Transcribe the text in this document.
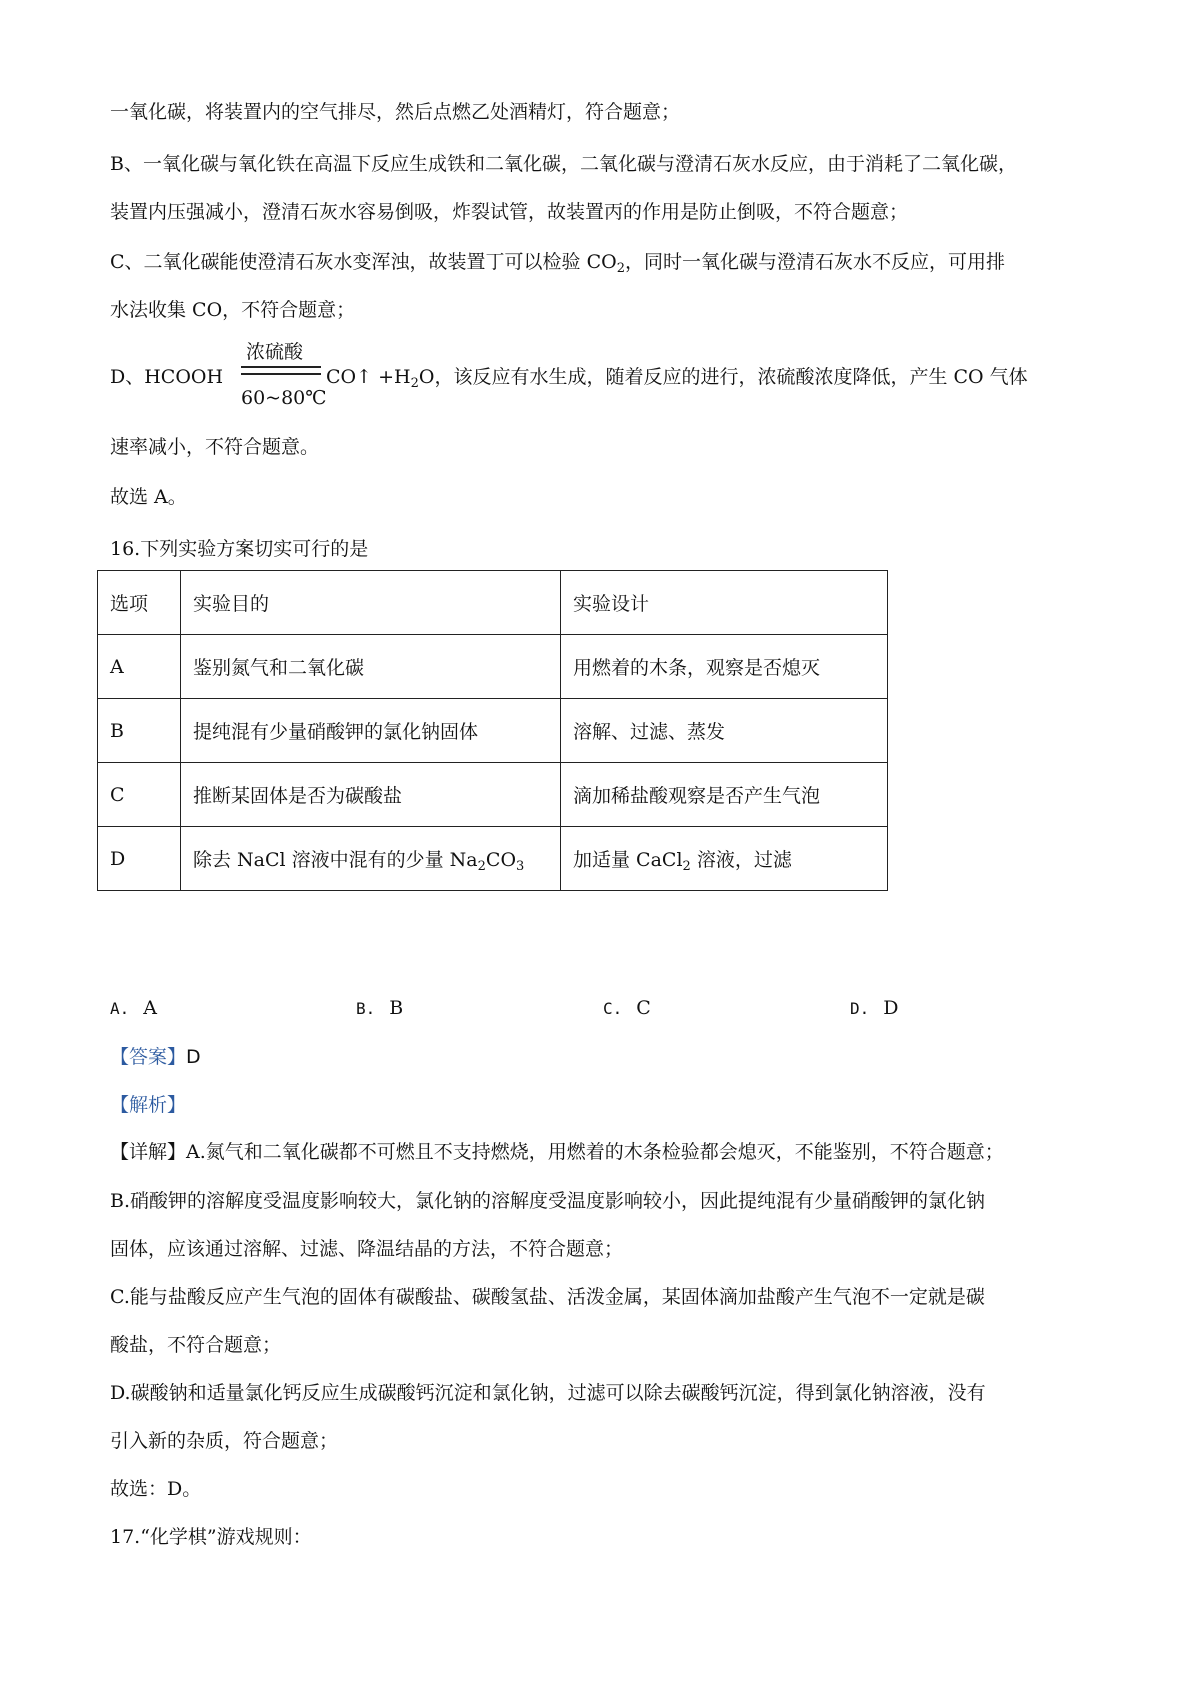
一氧化碳，将装置内的空气排尽，然后点燃乙处酒精灯，符合题意；
B、一氧化碳与氧化铁在高温下反应生成铁和二氧化碳，二氧化碳与澄清石灰水反应，由于消耗了二氧化碳，
装置内压强减小，澄清石灰水容易倒吸，炸裂试管，故装置丙的作用是防止倒吸，不符合题意；
C、二氧化碳能使澄清石灰水变浑浊，故装置丁可以检验 $CO_2$，同时一氧化碳与澄清石灰水不反应，可用排
水法收集 CO，不符合题意；
D、HCOOH
浓硫酸
60~80℃
CO↑ $+H_2O$，该反应有水生成，随着反应的进行，浓硫酸浓度降低，产生 CO 气体
速率减小，不符合题意。
故选 A。
16.下列实验方案切实可行的是
选项	实验目的	实验设计
A	鉴别氮气和二氧化碳	用燃着的木条，观察是否熄灭
B	提纯混有少量硝酸钾的氯化钠固体	溶解、过滤、蒸发
C	推断某固体是否为碳酸盐	滴加稀盐酸观察是否产生气泡
D	除去 NaCl 溶液中混有的少量 $Na_2CO_3$	加适量 CaCl$_2$ 溶液，过滤
A. A	B. B	C. C	D. D
【答案】D
【解析】
【详解】A.氮气和二氧化碳都不可燃且不支持燃烧，用燃着的木条检验都会熄灭，不能鉴别，不符合题意；
B.硝酸钾的溶解度受温度影响较大，氯化钠的溶解度受温度影响较小，因此提纯混有少量硝酸钾的氯化钠
固体，应该通过溶解、过滤、降温结晶的方法，不符合题意；
C.能与盐酸反应产生气泡的固体有碳酸盐、碳酸氢盐、活泼金属，某固体滴加盐酸产生气泡不一定就是碳
酸盐，不符合题意；
D.碳酸钠和适量氯化钙反应生成碳酸钙沉淀和氯化钠，过滤可以除去碳酸钙沉淀，得到氯化钠溶液，没有
引入新的杂质，符合题意；
故选：D。
17.“化学棋”游戏规则：
